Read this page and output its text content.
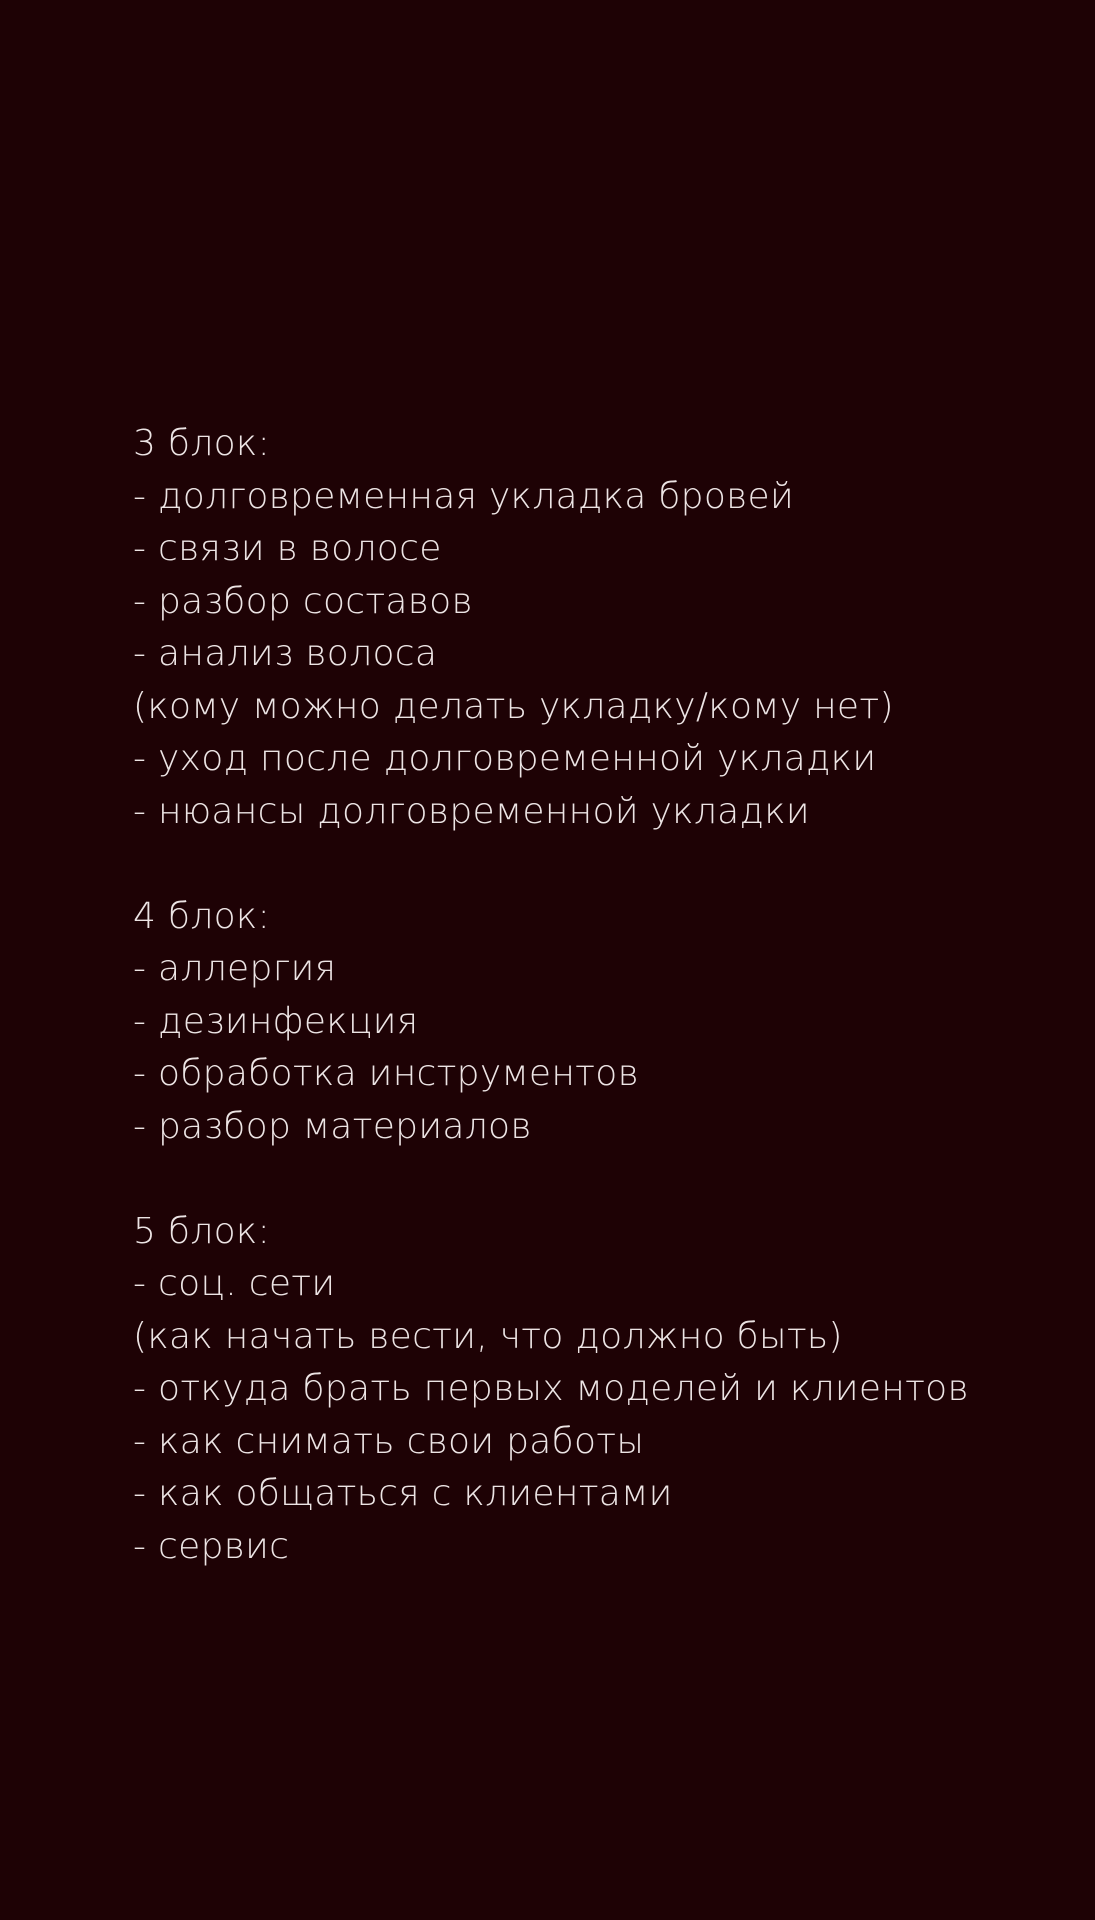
3 блок:
- долговременная укладка бровей
- связи в волосе
- разбор составов
- анализ волоса
(кому можно делать укладку/кому нет)
- уход после долговременной укладки
- нюансы долговременной укладки
4 блок:
- аллергия
- дезинфекция
- обработка инструментов
- разбор материалов
5 блок:
- соц. сети
(как начать вести, что должно быть)
- откуда брать первых моделей и клиентов
- как снимать свои работы
- как общаться с клиентами
- сервис
